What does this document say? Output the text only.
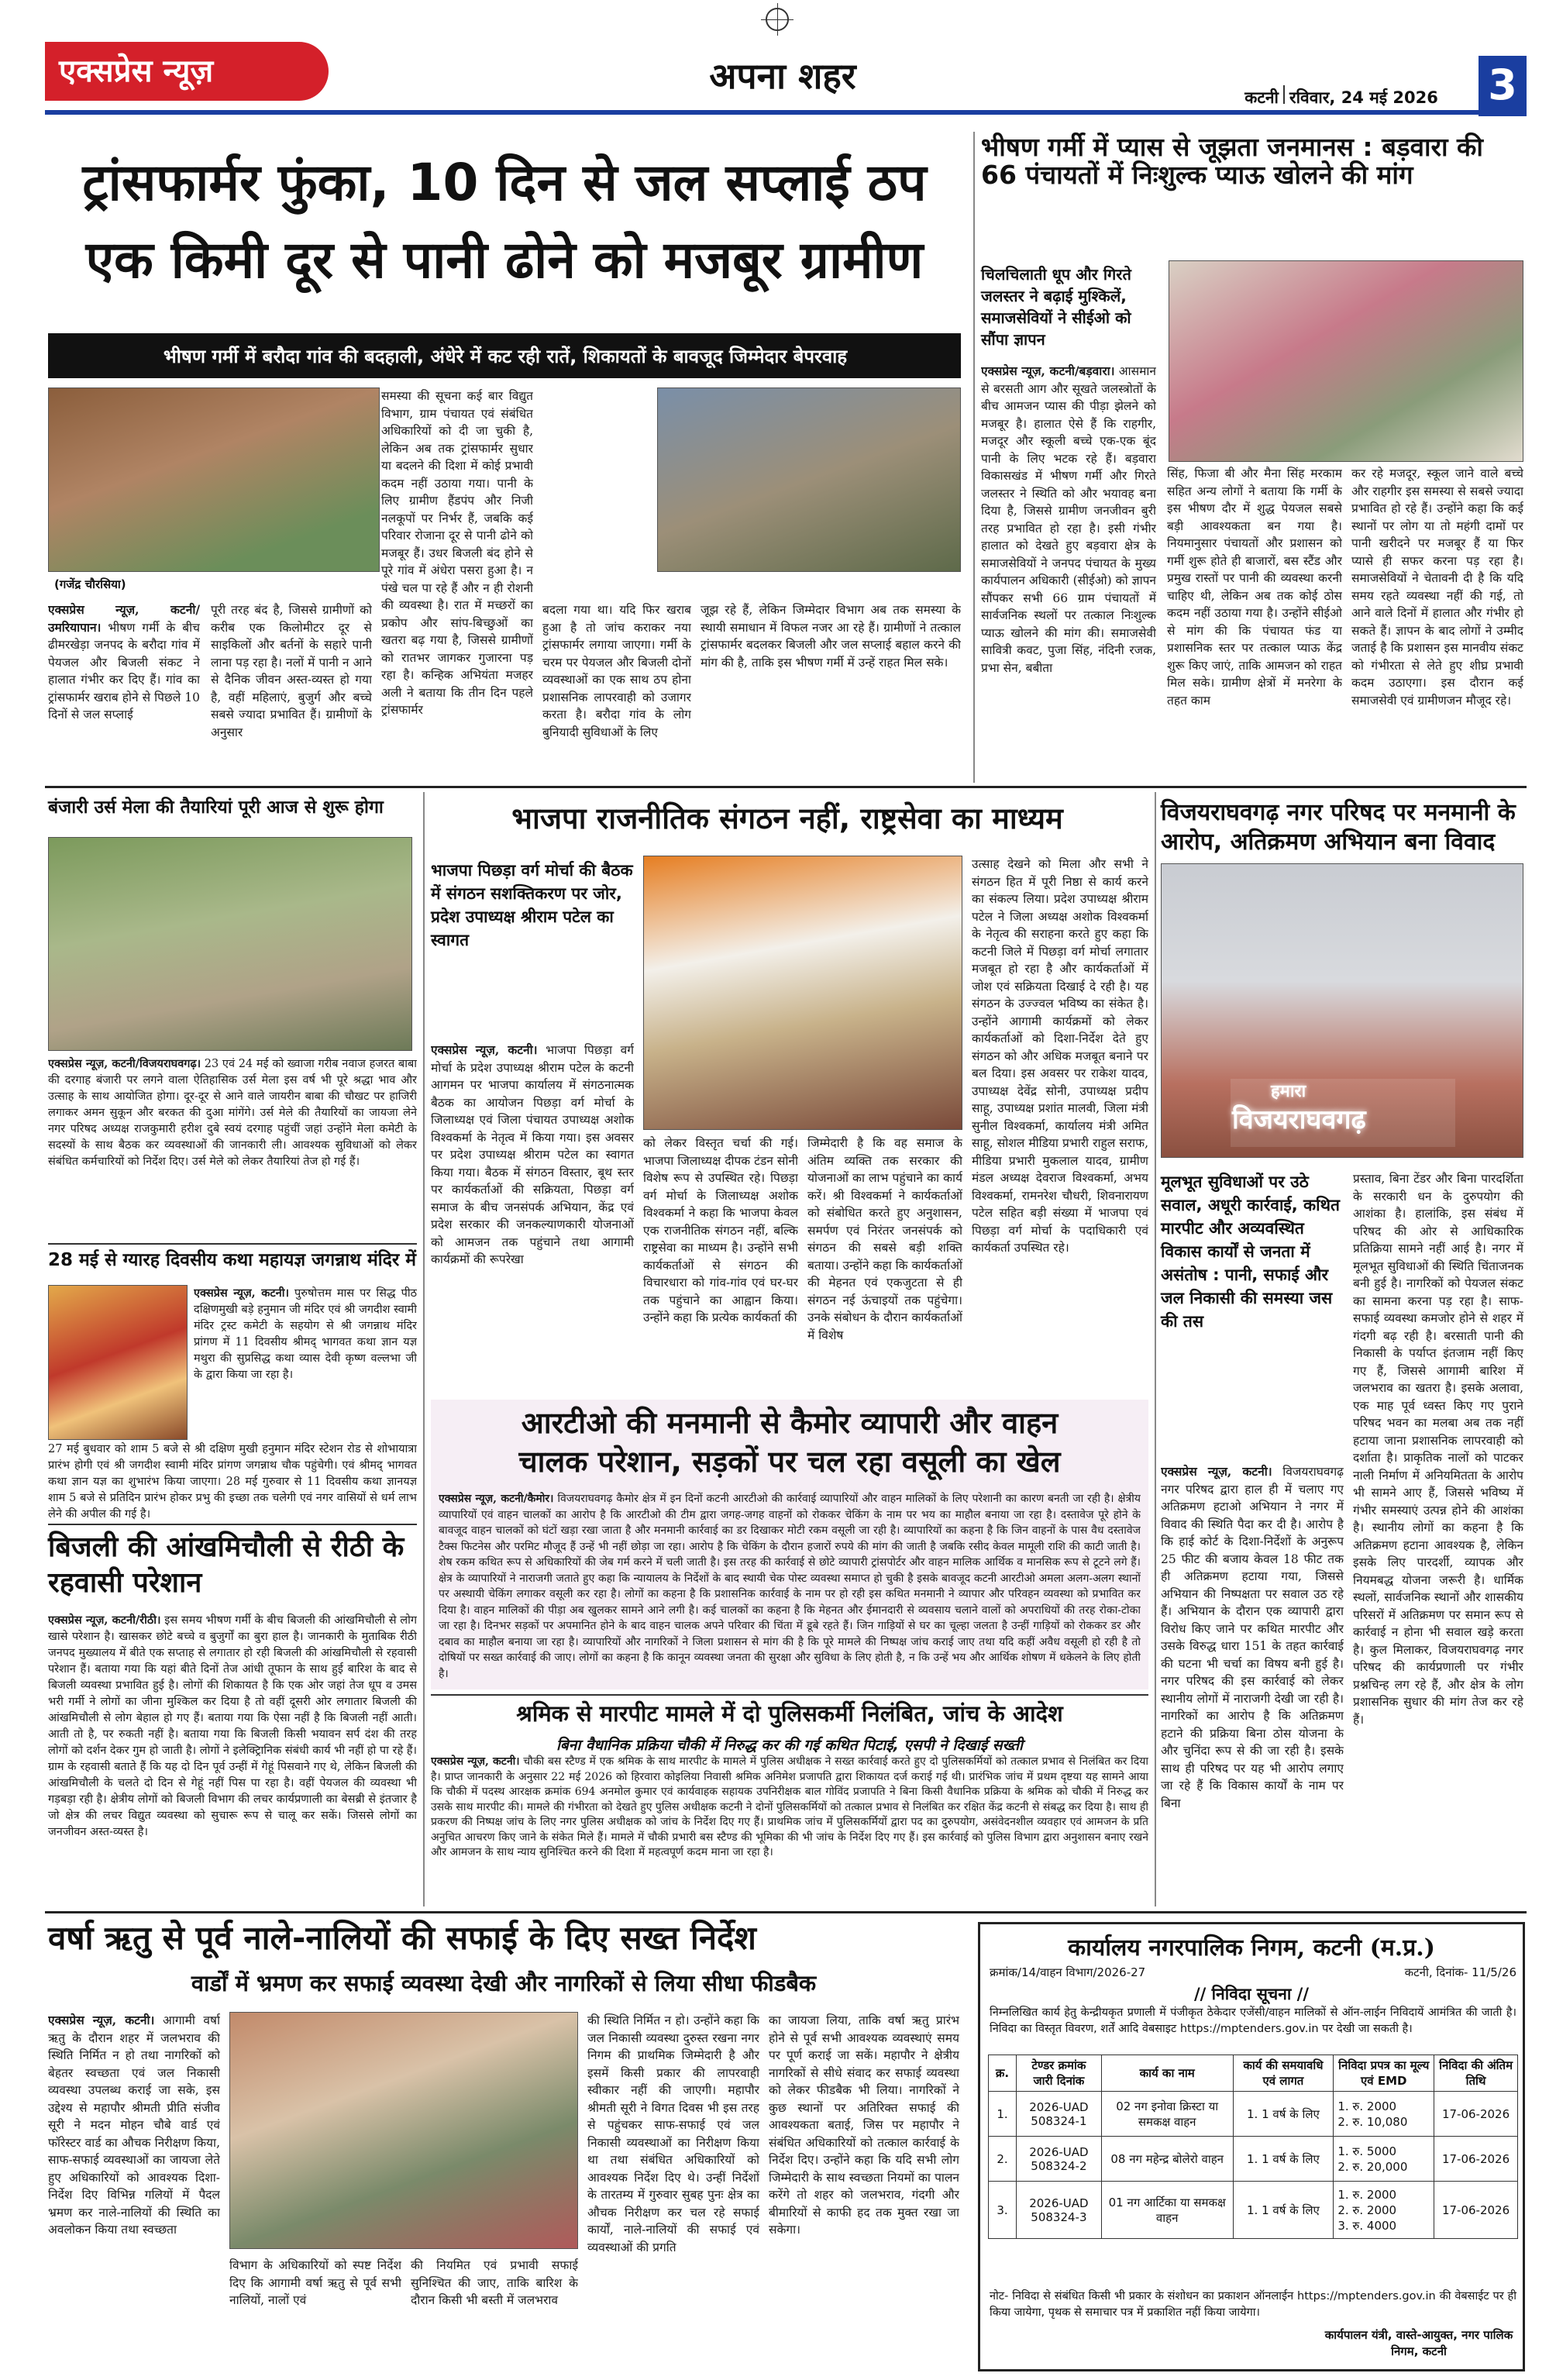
एक्सप्रेस न्यूज़	अपना शहर
कटनी रविवार, 24 मई 2026	3
ट्रांसफार्मर फुंका, 10 दिन से जल सप्लाई ठप
एक किमी दूर से पानी ढोने को मजबूर ग्रामीण
भीषण गर्मी में बरौदा गांव की बदहाली, अंधेरे में कट रही रातें, शिकायतों के बावजूद जिम्मेदार बेपरवाह
(गजेंद्र चौरसिया)
एक्सप्रेस न्यूज़, कटनी/ उमरियापान। भीषण गर्मी के बीच ढीमरखेड़ा जनपद के बरौदा गांव में पेयजल और बिजली संकट ने हालात गंभीर कर दिए हैं। गांव का ट्रांसफार्मर खराब होने से पिछले 10 दिनों से जल सप्लाई
पूरी तरह बंद है, जिससे ग्रामीणों को करीब एक किलोमीटर दूर से साइकिलों और बर्तनों के सहारे पानी लाना पड़ रहा है। नलों में पानी न आने से दैनिक जीवन अस्त-व्यस्त हो गया है, वहीं महिलाएं, बुजुर्ग और बच्चे सबसे ज्यादा प्रभावित हैं। ग्रामीणों के अनुसार
समस्या की सूचना कई बार विद्युत विभाग, ग्राम पंचायत एवं संबंधित अधिकारियों को दी जा चुकी है, लेकिन अब तक ट्रांसफार्मर सुधार या बदलने की दिशा में कोई प्रभावी कदम नहीं उठाया गया। पानी के लिए ग्रामीण हैंडपंप और निजी नलकूपों पर निर्भर हैं, जबकि कई परिवार रोजाना दूर से पानी ढोने को मजबूर हैं। उधर बिजली बंद होने से पूरे गांव में अंधेरा पसरा हुआ है। न पंखे चल पा रहे हैं और न ही रोशनी की व्यवस्था है। रात में मच्छरों का प्रकोप और सांप-बिच्छुओं का खतरा बढ़ गया है, जिससे ग्रामीणों को रातभर जागकर गुजारना पड़ रहा है। कन्हिक अभियंता मजहर अली ने बताया कि तीन दिन पहले ट्रांसफार्मर
बदला गया था। यदि फिर खराब हुआ है तो जांच कराकर नया ट्रांसफार्मर लगाया जाएगा। गर्मी के चरम पर पेयजल और बिजली दोनों व्यवस्थाओं का एक साथ ठप होना प्रशासनिक लापरवाही को उजागर करता है। बरौदा गांव के लोग बुनियादी सुविधाओं के लिए
जूझ रहे हैं, लेकिन जिम्मेदार विभाग अब तक समस्या के स्थायी समाधान में विफल नजर आ रहे हैं। ग्रामीणों ने तत्काल ट्रांसफार्मर बदलकर बिजली और जल सप्लाई बहाल करने की मांग की है, ताकि इस भीषण गर्मी में उन्हें राहत मिल सके।
भीषण गर्मी में प्यास से जूझता जनमानस : बड़वारा की 66 पंचायतों में निःशुल्क प्याऊ खोलने की मांग
चिलचिलाती धूप और गिरते जलस्तर ने बढ़ाई मुश्किलें, समाजसेवियों ने सीईओ को सौंपा ज्ञापन
एक्सप्रेस न्यूज़, कटनी/बड़वारा। आसमान से बरसती आग और सूखते जलस्त्रोतों के बीच आमजन प्यास की पीड़ा झेलने को मजबूर है। हालात ऐसे हैं कि राहगीर, मजदूर और स्कूली बच्चे एक-एक बूंद पानी के लिए भटक रहे हैं। बड़वारा विकासखंड में भीषण गर्मी और गिरते जलस्तर ने स्थिति को और भयावह बना दिया है, जिससे ग्रामीण जनजीवन बुरी तरह प्रभावित हो रहा है। इसी गंभीर हालात को देखते हुए बड़वारा क्षेत्र के समाजसेवियों ने जनपद पंचायत के मुख्य कार्यपालन अधिकारी (सीईओ) को ज्ञापन सौंपकर सभी 66 ग्राम पंचायतों में सार्वजनिक स्थलों पर तत्काल निःशुल्क प्याऊ खोलने की मांग की। समाजसेवी सावित्री कवट, पुजा सिंह, नंदिनी रजक, प्रभा सेन, बबीता
सिंह, फिजा बी और मैना सिंह मरकाम सहित अन्य लोगों ने बताया कि गर्मी के इस भीषण दौर में शुद्ध पेयजल सबसे बड़ी आवश्यकता बन गया है। नियमानुसार पंचायतों और प्रशासन को गर्मी शुरू होते ही बाजारों, बस स्टैंड और प्रमुख रास्तों पर पानी की व्यवस्था करनी चाहिए थी, लेकिन अब तक कोई ठोस कदम नहीं उठाया गया है। उन्होंने सीईओ से मांग की कि पंचायत फंड या प्रशासनिक स्तर पर तत्काल प्याऊ केंद्र शुरू किए जाएं, ताकि आमजन को राहत मिल सके। ग्रामीण क्षेत्रों में मनरेगा के तहत काम
कर रहे मजदूर, स्कूल जाने वाले बच्चे और राहगीर इस समस्या से सबसे ज्यादा प्रभावित हो रहे हैं। उन्होंने कहा कि कई स्थानों पर लोग या तो महंगी दामों पर पानी खरीदने पर मजबूर हैं या फिर प्यासे ही सफर करना पड़ रहा है। समाजसेवियों ने चेतावनी दी है कि यदि समय रहते व्यवस्था नहीं की गई, तो आने वाले दिनों में हालात और गंभीर हो सकते हैं। ज्ञापन के बाद लोगों ने उम्मीद जताई है कि प्रशासन इस मानवीय संकट को गंभीरता से लेते हुए शीघ्र प्रभावी कदम उठाएगा। इस दौरान कई समाजसेवी एवं ग्रामीणजन मौजूद रहे।
बंजारी उर्स मेला की तैयारियां पूरी आज से शुरू होगा
एक्सप्रेस न्यूज़, कटनी/विजयराघवगढ़। 23 एवं 24 मई को ख्वाजा गरीब नवाज हजरत बाबा की दरगाह बंजारी पर लगने वाला ऐतिहासिक उर्स मेला इस वर्ष भी पूरे श्रद्धा भाव और उत्साह के साथ आयोजित होगा। दूर-दूर से आने वाले जायरीन बाबा की चौखट पर हाजिरी लगाकर अमन सुकून और बरकत की दुआ मांगेंगे। उर्स मेले की तैयारियों का जायजा लेने नगर परिषद अध्यक्ष राजकुमारी हरीश दुबे स्वयं दरगाह पहुंचीं जहां उन्होंने मेला कमेटी के सदस्यों के साथ बैठक कर व्यवस्थाओं की जानकारी ली। आवश्यक सुविधाओं को लेकर संबंधित कर्मचारियों को निर्देश दिए। उर्स मेले को लेकर तैयारियां तेज हो गई हैं।
28 मई से ग्यारह दिवसीय कथा महायज्ञ जगन्नाथ मंदिर में
एक्सप्रेस न्यूज़, कटनी। पुरुषोत्तम मास पर सिद्ध पीठ दक्षिणमुखी बड़े हनुमान जी मंदिर एवं श्री जगदीश स्वामी मंदिर ट्रस्ट कमेटी के सहयोग से श्री जगन्नाथ मंदिर प्रांगण में 11 दिवसीय श्रीमद् भागवत कथा ज्ञान यज्ञ मथुरा की सुप्रसिद्ध कथा व्यास देवी कृष्ण वल्लभा जी के द्वारा किया जा रहा है।
27 मई बुधवार को शाम 5 बजे से श्री दक्षिण मुखी हनुमान मंदिर स्टेशन रोड से शोभायात्रा प्रारंभ होगी एवं श्री जगदीश स्वामी मंदिर प्रांगण जगन्नाथ चौक पहुंचेगी। एवं श्रीमद् भागवत कथा ज्ञान यज्ञ का शुभारंभ किया जाएगा। 28 मई गुरुवार से 11 दिवसीय कथा ज्ञानयज्ञ शाम 5 बजे से प्रतिदिन प्रारंभ होकर प्रभु की इच्छा तक चलेगी एवं नगर वासियों से धर्म लाभ लेने की अपील की गई है।
बिजली की आंखमिचौली से रीठी के रहवासी परेशान
एक्सप्रेस न्यूज़, कटनी/रीठी। इस समय भीषण गर्मी के बीच बिजली की आंखमिचौली से लोग खासे परेशान है। खासकर छोटे बच्चे व बुजुर्गों का बुरा हाल है। जानकारी के मुताबिक रीठी जनपद मुख्यालय में बीते एक सप्ताह से लगातार हो रही बिजली की आंखमिचौली से रहवासी परेशान हैं। बताया गया कि यहां बीते दिनों तेज आंधी तूफान के साथ हुई बारिश के बाद से बिजली व्यवस्था प्रभावित हुई है। लोगों की शिकायत है कि एक ओर जहां तेज धूप व उमस भरी गर्मी ने लोगों का जीना मुश्किल कर दिया है तो वहीं दूसरी ओर लगातार बिजली की आंखमिचौली से लोग बेहाल हो गए हैं। बताया गया कि ऐसा नहीं है कि बिजली नहीं आती। आती तो है, पर रुकती नहीं है। बताया गया कि बिजली किसी भयावन सर्प दंश की तरह लोगों को दर्शन देकर गुम हो जाती है। लोगों ने इलेक्ट्रिानिक संबंधी कार्य भी नहीं हो पा रहे हैं। ग्राम के रहवासी बताते हैं कि यह दो दिन पूर्व उन्हीं में गेहूं पिसवाने गए थे, लेकिन बिजली की आंखमिचौली के चलते दो दिन से गेहूं नहीं पिस पा रहा है। वहीं पेयजल की व्यवस्था भी गड़बड़ा रही है। क्षेत्रीय लोगों को बिजली विभाग की लचर कार्यप्रणाली का बेसब्री से इंतजार है जो क्षेत्र की लचर विद्युत व्यवस्था को सुचारू रूप से चालू कर सकें। जिससे लोगों का जनजीवन अस्त-व्यस्त है।
भाजपा राजनीतिक संगठन नहीं, राष्ट्रसेवा का माध्यम
भाजपा पिछड़ा वर्ग मोर्चा की बैठक में संगठन सशक्तिकरण पर जोर, प्रदेश उपाध्यक्ष श्रीराम पटेल का स्वागत
एक्सप्रेस न्यूज़, कटनी। भाजपा पिछड़ा वर्ग मोर्चा के प्रदेश उपाध्यक्ष श्रीराम पटेल के कटनी आगमन पर भाजपा कार्यालय में संगठनात्मक बैठक का आयोजन पिछड़ा वर्ग मोर्चा के जिलाध्यक्ष एवं जिला पंचायत उपाध्यक्ष अशोक विश्वकर्मा के नेतृत्व में किया गया। इस अवसर पर प्रदेश उपाध्यक्ष श्रीराम पटेल का स्वागत किया गया। बैठक में संगठन विस्तार, बूथ स्तर पर कार्यकर्ताओं की सक्रियता, पिछड़ा वर्ग समाज के बीच जनसंपर्क अभियान, केंद्र एवं प्रदेश सरकार की जनकल्याणकारी योजनाओं को आमजन तक पहुंचाने तथा आगामी कार्यक्रमों की रूपरेखा
को लेकर विस्तृत चर्चा की गई। भाजपा जिलाध्यक्ष दीपक टंडन सोनी विशेष रूप से उपस्थित रहे। पिछड़ा वर्ग मोर्चा के जिलाध्यक्ष अशोक विश्वकर्मा ने कहा कि भाजपा केवल एक राजनीतिक संगठन नहीं, बल्कि राष्ट्रसेवा का माध्यम है। उन्होंने सभी कार्यकर्ताओं से संगठन की विचारधारा को गांव-गांव एवं घर-घर तक पहुंचाने का आह्वान किया। उन्होंने कहा कि प्रत्येक कार्यकर्ता की
जिम्मेदारी है कि वह समाज के अंतिम व्यक्ति तक सरकार की योजनाओं का लाभ पहुंचाने का कार्य करें। श्री विश्वकर्मा ने कार्यकर्ताओं को संबोधित करते हुए अनुशासन, समर्पण एवं निरंतर जनसंपर्क को संगठन की सबसे बड़ी शक्ति बताया। उन्होंने कहा कि कार्यकर्ताओं की मेहनत एवं एकजुटता से ही संगठन नई ऊंचाइयों तक पहुंचेगा। उनके संबोधन के दौरान कार्यकर्ताओं में विशेष
उत्साह देखने को मिला और सभी ने संगठन हित में पूरी निष्ठा से कार्य करने का संकल्प लिया। प्रदेश उपाध्यक्ष श्रीराम पटेल ने जिला अध्यक्ष अशोक विश्वकर्मा के नेतृत्व की सराहना करते हुए कहा कि कटनी जिले में पिछड़ा वर्ग मोर्चा लगातार मजबूत हो रहा है और कार्यकर्ताओं में जोश एवं सक्रियता दिखाई दे रही है। यह संगठन के उज्ज्वल भविष्य का संकेत है। उन्होंने आगामी कार्यक्रमों को लेकर कार्यकर्ताओं को दिशा-निर्देश देते हुए संगठन को और अधिक मजबूत बनाने पर बल दिया। इस अवसर पर राकेश यादव, उपाध्यक्ष देवेंद्र सोनी, उपाध्यक्ष प्रदीप साहू, उपाध्यक्ष प्रशांत मालवी, जिला मंत्री सुनील विश्वकर्मा, कार्यालय मंत्री अमित साहू, सोशल मीडिया प्रभारी राहुल सराफ, मीडिया प्रभारी मुकलाल यादव, ग्रामीण मंडल अध्यक्ष देवराज विश्वकर्मा, अभय विश्वकर्मा, रामनरेश चौधरी, शिवनारायण पटेल सहित बड़ी संख्या में भाजपा एवं पिछड़ा वर्ग मोर्चा के पदाधिकारी एवं कार्यकर्ता उपस्थित रहे।
विजयराघवगढ़ नगर परिषद पर मनमानी के आरोप, अतिक्रमण अभियान बना विवाद
हमारा
विजयराघवगढ़
मूलभूत सुविधाओं पर उठे सवाल, अधूरी कार्रवाई, कथित मारपीट और अव्यवस्थित विकास कार्यों से जनता में असंतोष : पानी, सफाई और जल निकासी की समस्या जस की तस
एक्सप्रेस न्यूज़, कटनी। विजयराघवगढ़ नगर परिषद द्वारा हाल ही में चलाए गए अतिक्रमण हटाओ अभियान ने नगर में विवाद की स्थिति पैदा कर दी है। आरोप है कि हाई कोर्ट के दिशा-निर्देशों के अनुरूप 25 फीट की बजाय केवल 18 फीट तक ही अतिक्रमण हटाया गया, जिससे अभियान की निष्पक्षता पर सवाल उठ रहे हैं। अभियान के दौरान एक व्यापारी द्वारा विरोध किए जाने पर कथित मारपीट और उसके विरुद्ध धारा 151 के तहत कार्रवाई की घटना भी चर्चा का विषय बनी हुई है। नगर परिषद की इस कार्रवाई को लेकर स्थानीय लोगों में नाराजगी देखी जा रही है। नागरिकों का आरोप है कि अतिक्रमण हटाने की प्रक्रिया बिना ठोस योजना के और चुनिंदा रूप से की जा रही है। इसके साथ ही परिषद पर यह भी आरोप लगाए जा रहे हैं कि विकास कार्यों के नाम पर बिना
प्रस्ताव, बिना टेंडर और बिना पारदर्शिता के सरकारी धन के दुरुपयोग की आशंका है। हालांकि, इस संबंध में परिषद की ओर से आधिकारिक प्रतिक्रिया सामने नहीं आई है। नगर में मूलभूत सुविधाओं की स्थिति चिंताजनक बनी हुई है। नागरिकों को पेयजल संकट का सामना करना पड़ रहा है। साफ-सफाई व्यवस्था कमजोर होने से शहर में गंदगी बढ़ रही है। बरसाती पानी की निकासी के पर्याप्त इंतजाम नहीं किए गए हैं, जिससे आगामी बारिश में जलभराव का खतरा है। इसके अलावा, एक माह पूर्व ध्वस्त किए गए पुराने परिषद भवन का मलबा अब तक नहीं हटाया जाना प्रशासनिक लापरवाही को दर्शाता है। प्राकृतिक नालों को पाटकर नाली निर्माण में अनियमितता के आरोप भी सामने आए हैं, जिससे भविष्य में गंभीर समस्याएं उत्पन्न होने की आशंका है। स्थानीय लोगों का कहना है कि अतिक्रमण हटाना आवश्यक है, लेकिन इसके लिए पारदर्शी, व्यापक और नियमबद्ध योजना जरूरी है। धार्मिक स्थलों, सार्वजनिक स्थानों और शासकीय परिसरों में अतिक्रमण पर समान रूप से कार्रवाई न होना भी सवाल खड़े करता है। कुल मिलाकर, विजयराघवगढ़ नगर परिषद की कार्यप्रणाली पर गंभीर प्रश्नचिन्ह लग रहे हैं, और क्षेत्र के लोग प्रशासनिक सुधार की मांग तेज कर रहे हैं।
आरटीओ की मनमानी से कैमोर व्यापारी और वाहन
चालक परेशान, सड़कों पर चल रहा वसूली का खेल
एक्सप्रेस न्यूज़, कटनी/कैमोर। विजयराघवगढ़ कैमोर क्षेत्र में इन दिनों कटनी आरटीओ की कार्रवाई व्यापारियों और वाहन मालिकों के लिए परेशानी का कारण बनती जा रही है। क्षेत्रीय व्यापारियों एवं वाहन चालकों का आरोप है कि आरटीओ की टीम द्वारा जगह-जगह वाहनों को रोककर चेकिंग के नाम पर भय का माहौल बनाया जा रहा है। दस्तावेज पूरे होने के बावजूद वाहन चालकों को घंटों खड़ा रखा जाता है और मनमानी कार्रवाई का डर दिखाकर मोटी रकम वसूली जा रही है। व्यापारियों का कहना है कि जिन वाहनों के पास वैध दस्तावेज टैक्स फिटनेस और परमिट मौजूद हैं उन्हें भी नहीं छोड़ा जा रहा। आरोप है कि चेकिंग के दौरान हजारों रुपये की मांग की जाती है जबकि रसीद केवल मामूली राशि की काटी जाती है। शेष रकम कथित रूप से अधिकारियों की जेब गर्म करने में चली जाती है। इस तरह की कार्रवाई से छोटे व्यापारी ट्रांसपोर्टर और वाहन मालिक आर्थिक व मानसिक रूप से टूटने लगे हैं। क्षेत्र के व्यापारियों ने नाराजगी जताते हुए कहा कि न्यायालय के निर्देशों के बाद स्थायी चेक पोस्ट व्यवस्था समाप्त हो चुकी है इसके बावजूद कटनी आरटीओ अमला अलग-अलग स्थानों पर अस्थायी चेकिंग लगाकर वसूली कर रहा है। लोगों का कहना है कि प्रशासनिक कार्रवाई के नाम पर हो रही इस कथित मनमानी ने व्यापार और परिवहन व्यवस्था को प्रभावित कर दिया है। वाहन मालिकों की पीड़ा अब खुलकर सामने आने लगी है। कई चालकों का कहना है कि मेहनत और ईमानदारी से व्यवसाय चलाने वालों को अपराधियों की तरह रोका-टोका जा रहा है। दिनभर सड़कों पर अपमानित होने के बाद वाहन चालक अपने परिवार की चिंता में डूबे रहते हैं। जिन गाड़ियों से घर का चूल्हा जलता है उन्हीं गाड़ियों को रोककर डर और दबाव का माहौल बनाया जा रहा है। व्यापारियों और नागरिकों ने जिला प्रशासन से मांग की है कि पूरे मामले की निष्पक्ष जांच कराई जाए तथा यदि कहीं अवैध वसूली हो रही है तो दोषियों पर सख्त कार्रवाई की जाए। लोगों का कहना है कि कानून व्यवस्था जनता की सुरक्षा और सुविधा के लिए होती है, न कि उन्हें भय और आर्थिक शोषण में धकेलने के लिए होती है।
श्रमिक से मारपीट मामले में दो पुलिसकर्मी निलंबित, जांच के आदेश
बिना वैधानिक प्रक्रिया चौकी में निरुद्ध कर की गई कथित पिटाई, एसपी ने दिखाई सख्ती
एक्सप्रेस न्यूज़, कटनी। चौकी बस स्टैण्ड में एक श्रमिक के साथ मारपीट के मामले में पुलिस अधीक्षक ने सख्त कार्रवाई करते हुए दो पुलिसकर्मियों को तत्काल प्रभाव से निलंबित कर दिया है। प्राप्त जानकारी के अनुसार 22 मई 2026 को हिरवारा कोइलिया निवासी श्रमिक अनिमेश प्रजापति द्वारा शिकायत दर्ज कराई गई थी। प्रारंभिक जांच में प्रथम दृष्टया यह सामने आया कि चौकी में पदस्थ आरक्षक क्रमांक 694 अनमोल कुमार एवं कार्यवाहक सहायक उपनिरीक्षक बाल गोविंद प्रजापति ने बिना किसी वैधानिक प्रक्रिया के श्रमिक को चौकी में निरुद्ध कर उसके साथ मारपीट की। मामले की गंभीरता को देखते हुए पुलिस अधीक्षक कटनी ने दोनों पुलिसकर्मियों को तत्काल प्रभाव से निलंबित कर रक्षित केंद्र कटनी से संबद्ध कर दिया है। साथ ही प्रकरण की निष्पक्ष जांच के लिए नगर पुलिस अधीक्षक को जांच के निर्देश दिए गए हैं। प्राथमिक जांच में पुलिसकर्मियों द्वारा पद का दुरुपयोग, असंवेदनशील व्यवहार एवं आमजन के प्रति अनुचित आचरण किए जाने के संकेत मिले हैं। मामले में चौकी प्रभारी बस स्टैण्ड की भूमिका की भी जांच के निर्देश दिए गए हैं। इस कार्रवाई को पुलिस विभाग द्वारा अनुशासन बनाए रखने और आमजन के साथ न्याय सुनिश्चित करने की दिशा में महत्वपूर्ण कदम माना जा रहा है।
वर्षा ऋतु से पूर्व नाले-नालियों की सफाई के दिए सख्त निर्देश
वार्डों में भ्रमण कर सफाई व्यवस्था देखी और नागरिकों से लिया सीधा फीडबैक
एक्सप्रेस न्यूज़, कटनी। आगामी वर्षा ऋतु के दौरान शहर में जलभराव की स्थिति निर्मित न हो तथा नागरिकों को बेहतर स्वच्छता एवं जल निकासी व्यवस्था उपलब्ध कराई जा सके, इस उद्देश्य से महापौर श्रीमती प्रीति संजीव सूरी ने मदन मोहन चौबे वार्ड एवं फॉरेस्टर वार्ड का औचक निरीक्षण किया, साफ-सफाई व्यवस्थाओं का जायजा लेते हुए अधिकारियों को आवश्यक दिशा-निर्देश दिए विभिन्न गलियों में पैदल भ्रमण कर नाले-नालियों की स्थिति का अवलोकन किया तथा स्वच्छता
विभाग के अधिकारियों को स्पष्ट निर्देश दिए कि आगामी वर्षा ऋतु से पूर्व सभी नालियों, नालों एवं
की नियमित एवं प्रभावी सफाई सुनिश्चित की जाए, ताकि बारिश के दौरान किसी भी बस्ती में जलभराव
की स्थिति निर्मित न हो। उन्होंने कहा कि जल निकासी व्यवस्था दुरुस्त रखना नगर निगम की प्राथमिक जिम्मेदारी है और इसमें किसी प्रकार की लापरवाही स्वीकार नहीं की जाएगी। महापौर श्रीमती सूरी ने विगत दिवस भी इस तरह से पहुंचकर साफ-सफाई एवं जल निकासी व्यवस्थाओं का निरीक्षण किया था तथा संबंधित अधिकारियों को आवश्यक निर्देश दिए थे। उन्हीं निर्देशों के तारतम्य में गुरुवार सुबह पुनः क्षेत्र का औचक निरीक्षण कर चल रहे सफाई कार्यों, नाले-नालियों की सफाई एवं व्यवस्थाओं की प्रगति
का जायजा लिया, ताकि वर्षा ऋतु प्रारंभ होने से पूर्व सभी आवश्यक व्यवस्थाएं समय पर पूर्ण कराई जा सकें। महापौर ने क्षेत्रीय नागरिकों से सीधे संवाद कर सफाई व्यवस्था को लेकर फीडबैक भी लिया। नागरिकों ने कुछ स्थानों पर अतिरिक्त सफाई की आवश्यकता बताई, जिस पर महापौर ने संबंधित अधिकारियों को तत्काल कार्रवाई के निर्देश दिए। उन्होंने कहा कि यदि सभी लोग जिम्मेदारी के साथ स्वच्छता नियमों का पालन करेंगे तो शहर को जलभराव, गंदगी और बीमारियों से काफी हद तक मुक्त रखा जा सकेगा।
कार्यालय नगरपालिक निगम, कटनी (म.प्र.)
क्रमांक/14/वाहन विभाग/2026-27	कटनी, दिनांक- 11/5/26
// निविदा सूचना //
निम्नलिखित कार्य हेतु केन्द्रीयकृत प्रणाली में पंजीकृत ठेकेदार एजेंसी/वाहन मालिकों से ऑन-लाईन निविदायें आमंत्रित की जाती है। निविदा का विस्तृत विवरण, शर्तें आदि वेबसाइट https://mptenders.gov.in पर देखी जा सकती है।
क्र.	टेण्डर क्रमांक जारी दिनांक	कार्य का नाम	कार्य की समयावधि एवं लागत	निविदा प्रपत्र का मूल्य एवं EMD	निविदा की अंतिम तिथि
1.	2026-UAD 508324-1	02 नग इनोवा क्रिस्टा या समकक्ष वाहन	1. 1 वर्ष के लिए	1. रु. 2000
2. रु. 10,080	17-06-2026
2.	2026-UAD 508324-2	08 नग महेन्द्र बोलेरो वाहन	1. 1 वर्ष के लिए	1. रु. 5000
2. रु. 20,000	17-06-2026
3.	2026-UAD 508324-3	01 नग आर्टिका या समकक्ष वाहन	1. 1 वर्ष के लिए	1. रु. 2000
2. रु. 2000
3. रु. 4000	17-06-2026
नोट- निविदा से संबंधित किसी भी प्रकार के संशोधन का प्रकाशन ऑनलाईन https://mptenders.gov.in की वेबसाईट पर ही किया जायेगा, पृथक से समाचार पत्र में प्रकाशित नहीं किया जायेगा।
कार्यपालन यंत्री, वास्ते-आयुक्त, नगर पालिक निगम, कटनी
